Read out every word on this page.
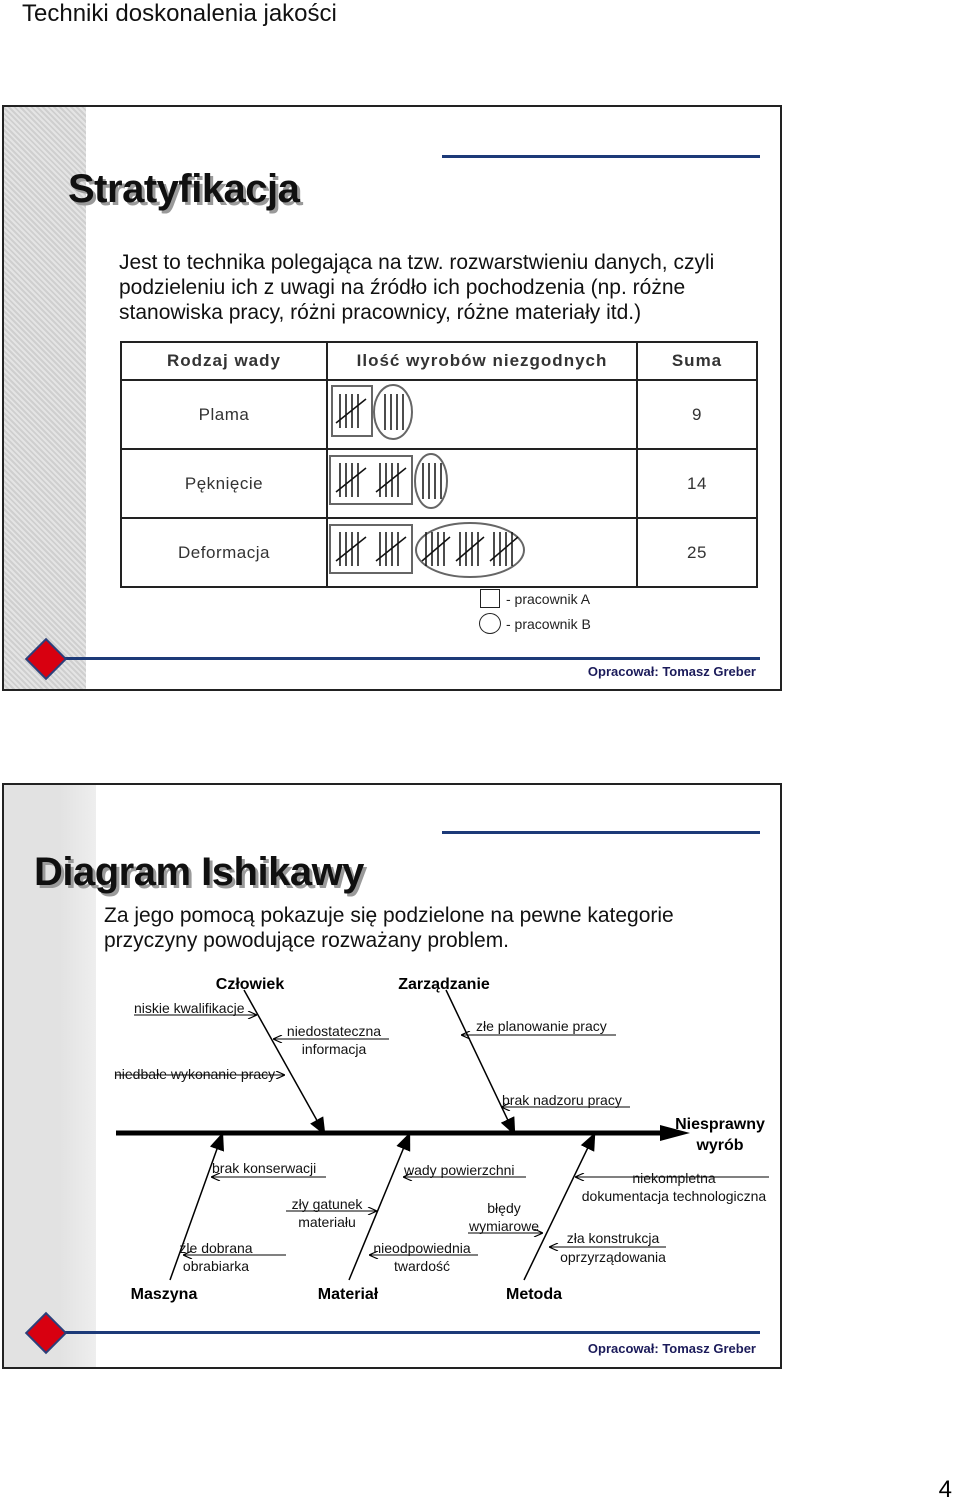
Techniki doskonalenia jakości
Stratyfikacja
Jest to technika polegająca na tzw. rozwarstwieniu danych, czyli
podzieleniu ich z uwagi na źródło ich pochodzenia (np. różne
stanowiska pracy, różni pracownicy, różne materiały itd.)
Rodzaj wady	Ilość wyrobów niezgodnych	Suma
Plama		9
Pęknięcie		14
Deformacja		25
- pracownik A
- pracownik B
Opracował: Tomasz Greber
Diagram Ishikawy
Za jego pomocą pokazuje się podzielone na pewne kategorie
przyczyny powodujące rozważany problem.
Człowiek	Zarządzanie
Maszyna	Materiał	Metoda
Niesprawny
wyrób
niskie kwalifikacje
niedbałe wykonanie pracy
niedostateczna
informacja
złe planowanie pracy
brak nadzoru pracy
brak konserwacji
źle dobrana
obrabiarka
zły gatunek
materiału
wady powierzchni
nieodpowiednia
twardość
błędy
wymiarowe
niekompletna
dokumentacja technologiczna
zła konstrukcja
oprzyrządowania
Opracował: Tomasz Greber
4
